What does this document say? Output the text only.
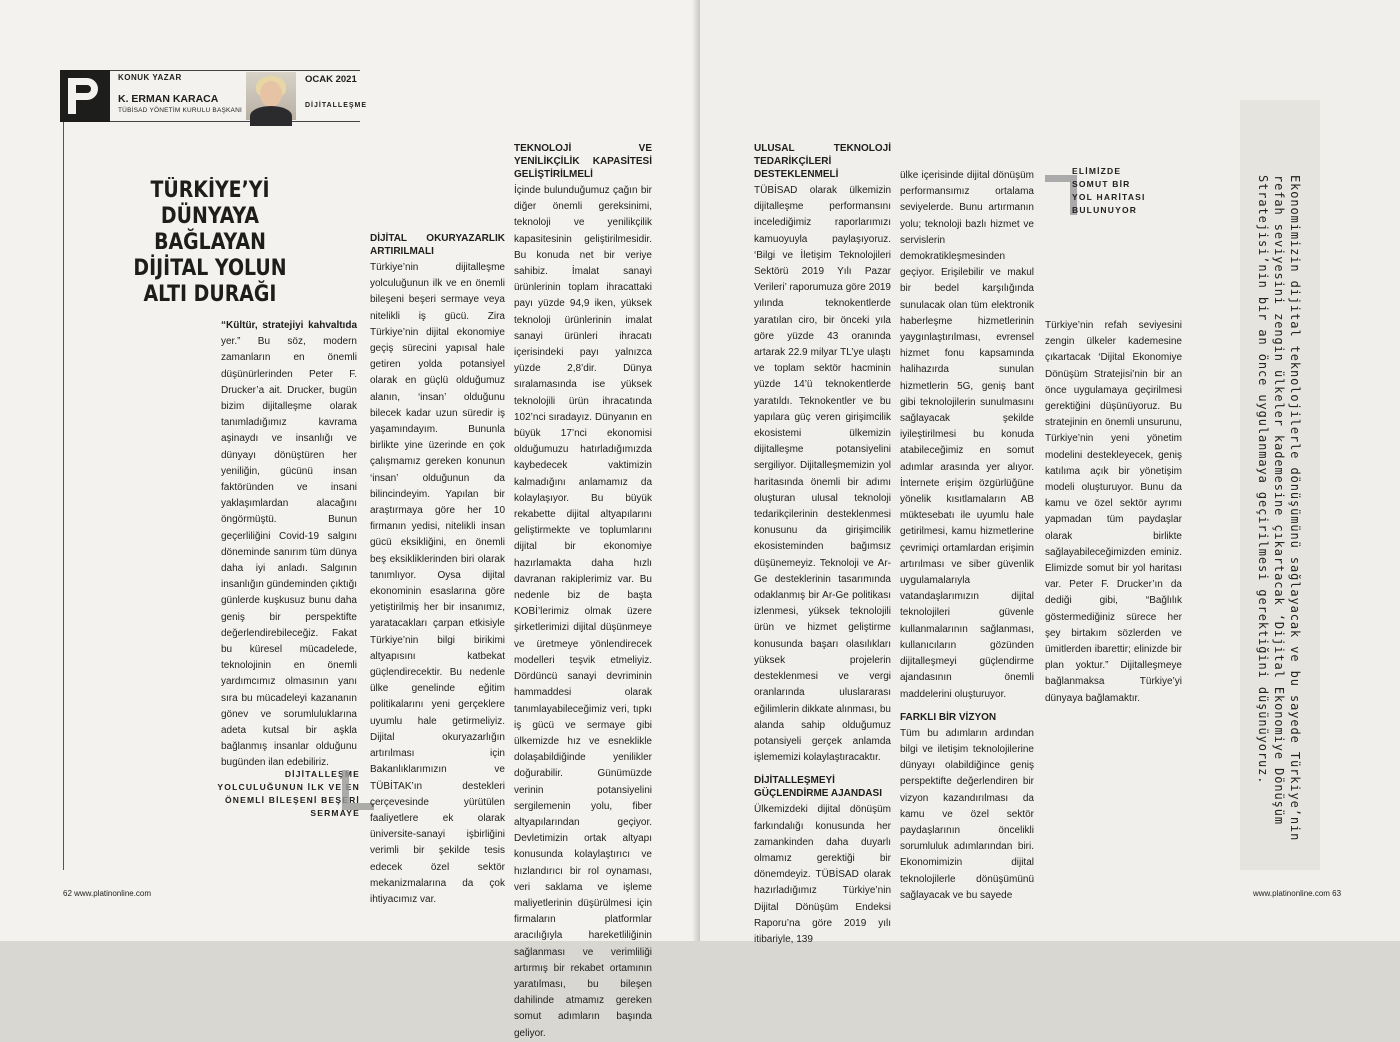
KONUK YAZAR
K. ERMAN KARACA
TÜBİSAD YÖNETİM KURULU BAŞKANI
OCAK 2021
DİJİTALLEŞME
TÜRKİYE’Yİ DÜNYAYA BAĞLAYAN DİJİTAL YOLUN ALTI DURAĞI

“Kültür, stratejiyi kahvaltıda yer.” Bu söz, modern zamanların en önemli düşünürlerinden Peter F. Drucker’a ait. Drucker, bugün bizim dijitalleşme olarak tanımladığımız kavrama aşinaydı ve insanlığı ve dünyayı dönüştüren her yeniliğin, gücünü insan faktöründen ve insani yaklaşımlardan alacağını öngörmüştü. Bunun geçerliliğini Covid-19 salgını döneminde sanırım tüm dünya daha iyi anladı. Salgının insanlığın gündeminden çıktığı günlerde kuşkusuz bunu daha geniş bir perspektifte değerlendirebileceğiz. Fakat bu küresel mücadelede, teknolojinin en önemli yardımcımız olmasının yanı sıra bu mücadeleyi kazananın gönev ve sorumluluklarına adeta kutsal bir aşkla bağlanmış insanlar olduğunu bugünden ilan edebiliriz.

DİJİTALLEŞME YOLCULUĞUNUN İLK VE EN ÖNEMLİ BİLEŞENİ BEŞERİ SERMAYE
DİJİTAL OKURYAZARLIK ARTIRILMALI

Türkiye’nin dijitalleşme yolculuğunun ilk ve en önemli bileşeni beşeri sermaye veya nitelikli iş gücü. Zira Türkiye’nin dijital ekonomiye geçiş sürecini yapısal hale getiren yolda potansiyel olarak en güçlü olduğumuz alanın, ‘insan’ olduğunu bilecek kadar uzun süredir iş yaşamındayım. Bununla birlikte yine üzerinde en çok çalışmamız gereken konunun ‘insan’ olduğunun da bilincindeyim. Yapılan bir araştırmaya göre her 10 firmanın yedisi, nitelikli insan gücü eksikliğini, en önemli beş eksikliklerinden biri olarak tanımlıyor. Oysa dijital ekonominin esaslarına göre yetiştirilmiş her bir insanımız, yaratacakları çarpan etkisiyle Türkiye’nin bilgi birikimi altyapısını katbekat güçlendirecektir. Bu nedenle ülke genelinde eğitim politikalarını yeni gerçeklere uyumlu hale getirmeliyiz. Dijital okuryazarlığın artırılması için Bakanlıklarımızın ve TÜBİTAK’ın destekleri çerçevesinde yürütülen faaliyetlere ek olarak üniversite-sanayi işbirliğini verimli bir şekilde tesis edecek özel sektör mekanizmalarına da çok ihtiyacımız var.

TEKNOLOJİ VE YENİLİKÇİLİK KAPASİTESİ GELİŞTİRİLMELİ

İçinde bulunduğumuz çağın bir diğer önemli gereksinimi, teknoloji ve yenilikçilik kapasitesinin geliştirilmesidir. Bu konuda net bir veriye sahibiz. İmalat sanayi ürünlerinin toplam ihracattaki payı yüzde 94,9 iken, yüksek teknoloji ürünlerinin imalat sanayi ürünleri ihracatı içerisindeki payı yalnızca yüzde 2,8’dir. Dünya sıralamasında ise yüksek teknolojili ürün ihracatında 102’nci sıradayız. Dünyanın en büyük 17’nci ekonomisi olduğumuzu hatırladığımızda kaybedecek vaktimizin kalmadığını anlamamız da kolaylaşıyor. Bu büyük rekabette dijital altyapılarını geliştirmekte ve toplumlarını dijital bir ekonomiye hazırlamakta daha hızlı davranan rakiplerimiz var. Bu nedenle biz de başta KOBİ’lerimiz olmak üzere şirketlerimizi dijital düşünmeye ve üretmeye yönlendirecek modelleri teşvik etmeliyiz. Dördüncü sanayi devriminin hammaddesi olarak tanımlayabileceğimiz veri, tıpkı iş gücü ve sermaye gibi ülkemizde hız ve esneklikle dolaşabildiğinde yenilikler doğurabilir. Günümüzde verinin potansiyelini sergilemenin yolu, fiber altyapılarından geçiyor. Devletimizin ortak altyapı konusunda kolaylaştırıcı ve hızlandırıcı bir rol oynaması, veri saklama ve işleme maliyetlerinin düşürülmesi için firmaların platformlar aracılığıyla hareketliliğinin sağlanması ve verimliliği artırmış bir rekabet ortamının yaratılması, bu bileşen dahilinde atmamız gereken somut adımların başında geliyor.

62 www.platinonline.com
ULUSAL TEKNOLOJİ TEDARİKÇİLERİ DESTEKLENMELİ

TÜBİSAD olarak ülkemizin dijitalleşme performansını incelediğimiz raporlarımızı kamuoyuyla paylaşıyoruz. ‘Bilgi ve İletişim Teknolojileri Sektörü 2019 Yılı Pazar Verileri’ raporumuza göre 2019 yılında teknokentlerde yaratılan ciro, bir önceki yıla göre yüzde 43 oranında artarak 22.9 milyar TL’ye ulaştı ve toplam sektör hacminin yüzde 14’ü teknokentlerde yaratıldı. Teknokentler ve bu yapılara güç veren girişimcilik ekosistemi ülkemizin dijitalleşme potansiyelini sergiliyor. Dijitalleşmemizin yol haritasında önemli bir adımı oluşturan ulusal teknoloji tedarikçilerinin desteklenmesi konusunu da girişimcilik ekosisteminden bağımsız düşünemeyiz. Teknoloji ve Ar-Ge desteklerinin tasarımında odaklanmış bir Ar-Ge politikası izlenmesi, yüksek teknolojili ürün ve hizmet geliştirme konusunda başarı olasılıkları yüksek projelerin desteklenmesi ve vergi oranlarında uluslararası eğilimlerin dikkate alınması, bu alanda sahip olduğumuz potansiyeli gerçek anlamda işlememizi kolaylaştıracaktır.

DİJİTALLEŞMEYİ GÜÇLENDİRME AJANDASI

Ülkemizdeki dijital dönüşüm farkındalığı konusunda her zamankinden daha duyarlı olmamız gerektiği bir dönemdeyiz. TÜBİSAD olarak hazırladığımız Türkiye’nin Dijital Dönüşüm Endeksi Raporu’na göre 2019 yılı itibariyle, 139

ülke içerisinde dijital dönüşüm performansımız ortalama seviyelerde. Bunu artırmanın yolu; teknoloji bazlı hizmet ve servislerin demokratikleşmesinden geçiyor. Erişilebilir ve makul bir bedel karşılığında sunulacak olan tüm elektronik haberleşme hizmetlerinin yaygınlaştırılması, evrensel hizmet fonu kapsamında halihazırda sunulan hizmetlerin 5G, geniş bant gibi teknolojilerin sunulmasını sağlayacak şekilde iyileştirilmesi bu konuda atabileceğimiz en somut adımlar arasında yer alıyor. İnternete erişim özgürlüğüne yönelik kısıtlamaların AB müktesebatı ile uyumlu hale getirilmesi, kamu hizmetlerine çevrimiçi ortamlardan erişimin artırılması ve siber güvenlik uygulamalarıyla vatandaşlarımızın dijital teknolojileri güvenle kullanmalarının sağlanması, kullanıcıların gözünden dijitalleşmeyi güçlendirme ajandasının önemli maddelerini oluşturuyor.

FARKLI BİR VİZYON

Tüm bu adımların ardından bilgi ve iletişim teknolojilerine dünyayı olabildiğince geniş perspektifte değerlendiren bir vizyon kazandırılması da kamu ve özel sektör paydaşlarının öncelikli sorumluluk adımlarından biri. Ekonomimizin dijital teknolojilerle dönüşümünü sağlayacak ve bu sayede

ELİMİZDE SOMUT BİR YOL HARİTASI BULUNUYOR

Türkiye’nin refah seviyesini zengin ülkeler kademesine çıkartacak ‘Dijital Ekonomiye Dönüşüm Stratejisi’nin bir an önce uygulamaya geçirilmesi gerektiğini düşünüyoruz. Bu stratejinin en önemli unsurunu, Türkiye’nin yeni yönetim modelini destekleyecek, geniş katılıma açık bir yönetişim modeli oluşturuyor. Bunu da kamu ve özel sektör ayrımı yapmadan tüm paydaşlar olarak birlikte sağlayabileceğimizden eminiz. Elimizde somut bir yol haritası var. Peter F. Drucker’ın da dediği gibi, “Bağlılık göstermediğiniz sürece her şey birtakım sözlerden ve ümitlerden ibarettir; elinizde bir plan yoktur.” Dijitalleşmeye bağlanmaksa Türkiye’yi dünyaya bağlamaktır.

www.platinonline.com 63
Ekonomimizin dijital teknolojilerle dönüşümünü sağlayacak ve bu sayede Türkiye’nin refah seviyesini zengin ülkeler kademesine çıkartacak ‘Dijital Ekonomiye Dönüşüm Stratejisi’nin bir an önce uygulanmaya geçirilmesi gerektiğini düşünüyoruz.
